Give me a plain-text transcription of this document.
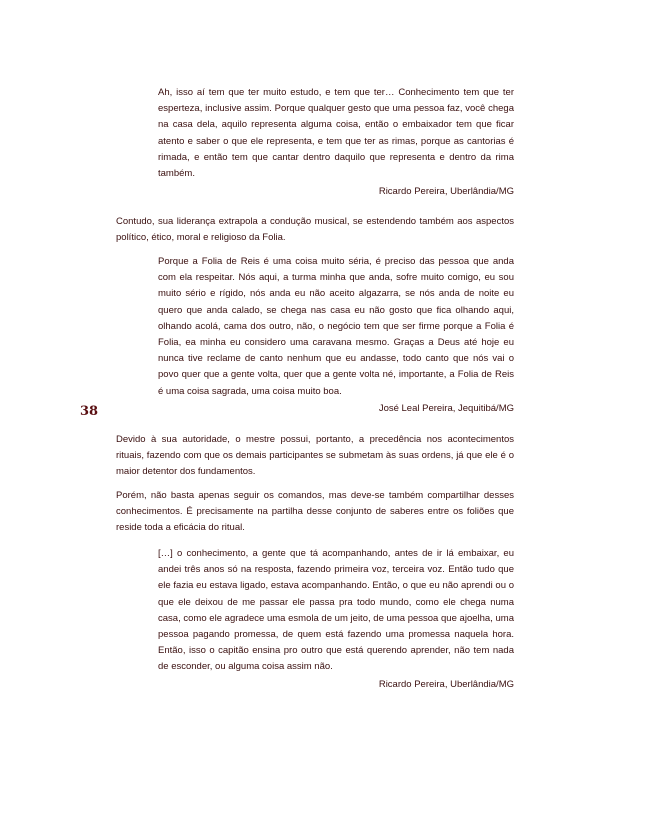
Ah, isso aí tem que ter muito estudo, e tem que ter… Conhecimento tem que ter esperteza, inclusive assim. Porque qualquer gesto que uma pessoa faz, você chega na casa dela, aquilo representa alguma coisa, então o embaixador tem que ficar atento e saber o que ele representa, e tem que ter as rimas, porque as cantorias é rimada, e então tem que cantar dentro daquilo que representa e dentro da rima também.

Ricardo Pereira, Uberlândia/MG

Contudo, sua liderança extrapola a condução musical, se estendendo também aos aspectos político, ético, moral e religioso da Folia.

Porque a Folia de Reis é uma coisa muito séria, é preciso das pessoa que anda com ela respeitar. Nós aqui, a turma minha que anda, sofre muito comigo, eu sou muito sério e rígido, nós anda eu não aceito algazarra, se nós anda de noite eu quero que anda calado, se chega nas casa eu não gosto que fica olhando aqui, olhando acolá, cama dos outro, não, o negócio tem que ser firme porque a Folia é Folia, ea minha eu considero uma caravana mesmo. Graças a Deus até hoje eu nunca tive reclame de canto nenhum que eu andasse, todo canto que nós vai o povo quer que a gente volta, quer que a gente volta né, importante, a Folia de Reis é uma coisa sagrada, uma coisa muito boa.

José Leal Pereira, Jequitibá/MG

38

Devido à sua autoridade, o mestre possui, portanto, a precedência nos acontecimentos rituais, fazendo com que os demais participantes se submetam às suas ordens, já que ele é o maior detentor dos fundamentos.

Porém, não basta apenas seguir os comandos, mas deve-se também compartilhar desses conhecimentos. É precisamente na partilha desse conjunto de saberes entre os foliões que reside toda a eficácia do ritual.

[…] o conhecimento, a gente que tá acompanhando, antes de ir lá embaixar, eu andei três anos só na resposta, fazendo primeira voz, terceira voz. Então tudo que ele fazia eu estava ligado, estava acompanhando. Então, o que eu não aprendi ou o que ele deixou de me passar ele passa pra todo mundo, como ele chega numa casa, como ele agradece uma esmola de um jeito, de uma pessoa que ajoelha, uma pessoa pagando promessa, de quem está fazendo uma promessa naquela hora. Então, isso o capitão ensina pro outro que está querendo aprender, não tem nada de esconder, ou alguma coisa assim não.

Ricardo Pereira, Uberlândia/MG
